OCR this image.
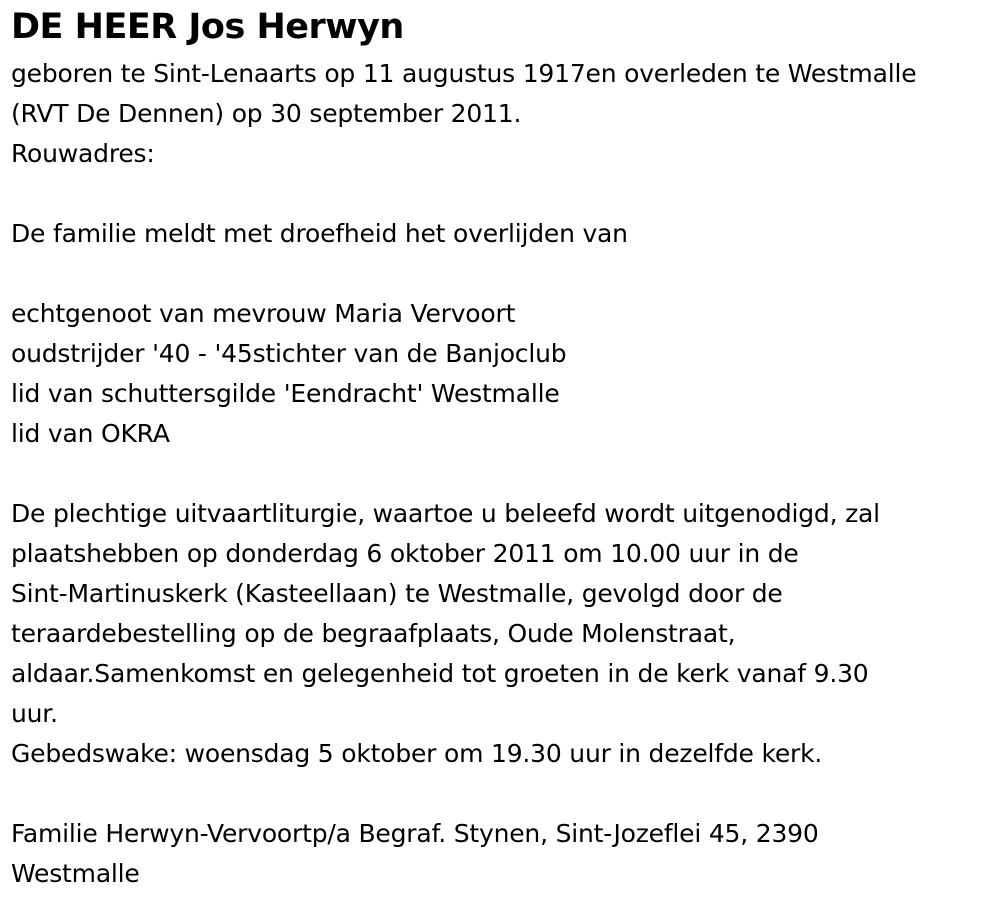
DE HEER Jos Herwyn
geboren te Sint-Lenaarts op 11 augustus 1917en overleden te Westmalle
(RVT De Dennen) op 30 september 2011.
Rouwadres:
De familie meldt met droefheid het overlijden van
echtgenoot van mevrouw Maria Vervoort
oudstrijder '40 - '45stichter van de Banjoclub
lid van schuttersgilde 'Eendracht' Westmalle
lid van OKRA
De plechtige uitvaartliturgie, waartoe u beleefd wordt uitgenodigd, zal
plaatshebben op donderdag 6 oktober 2011 om 10.00 uur in de
Sint-Martinuskerk (Kasteellaan) te Westmalle, gevolgd door de
teraardebestelling op de begraafplaats, Oude Molenstraat,
aldaar.Samenkomst en gelegenheid tot groeten in de kerk vanaf 9.30
uur.
Gebedswake: woensdag 5 oktober om 19.30 uur in dezelfde kerk.
Familie Herwyn-Vervoortp/a Begraf. Stynen, Sint-Jozeflei 45, 2390
Westmalle
